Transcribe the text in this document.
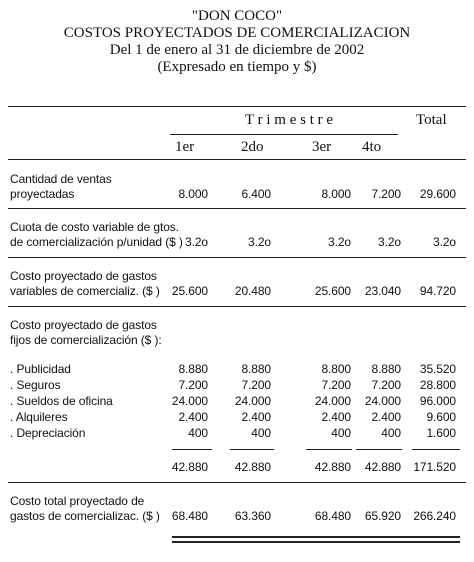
"DON COCO"
COSTOS PROYECTADOS DE COMERCIALIZACION
Del 1 de enero al 31 de diciembre de 2002
(Expresado en tiempo y $)
T r i m e s t r e	Total
1er	2do	3er 4to
Cantidad de ventas
proyectadas	8.000	6.400	8.000	7.200	29.600
Cuota de costo variable de gtos.
de comercialización p/unidad ($ ) 3.2o	3.2o	3.2o	3.2o	3.2o
Costo proyectado de gastos
variables de comercializ. ($ )	25.600	20.480	25.600	23.040	94.720
Costo proyectado de gastos
fijos de comercialización ($ ):
. Publicidad	8.880	8.880	8.800	8.880	35.520
. Seguros	7.200	7.200	7.200	7.200	28.800
. Sueldos de oficina	24.000	24.000	24.000	24.000	96.000
. Alquileres	2.400	2.400	2.400	2.400	9.600
. Depreciación	400	400	400	400	1.600
42.880	42.880	42.880	42.880	171.520
Costo total proyectado de
gastos de comercializac. ($ )	68.480	63.360	68.480	65.920	266.240
